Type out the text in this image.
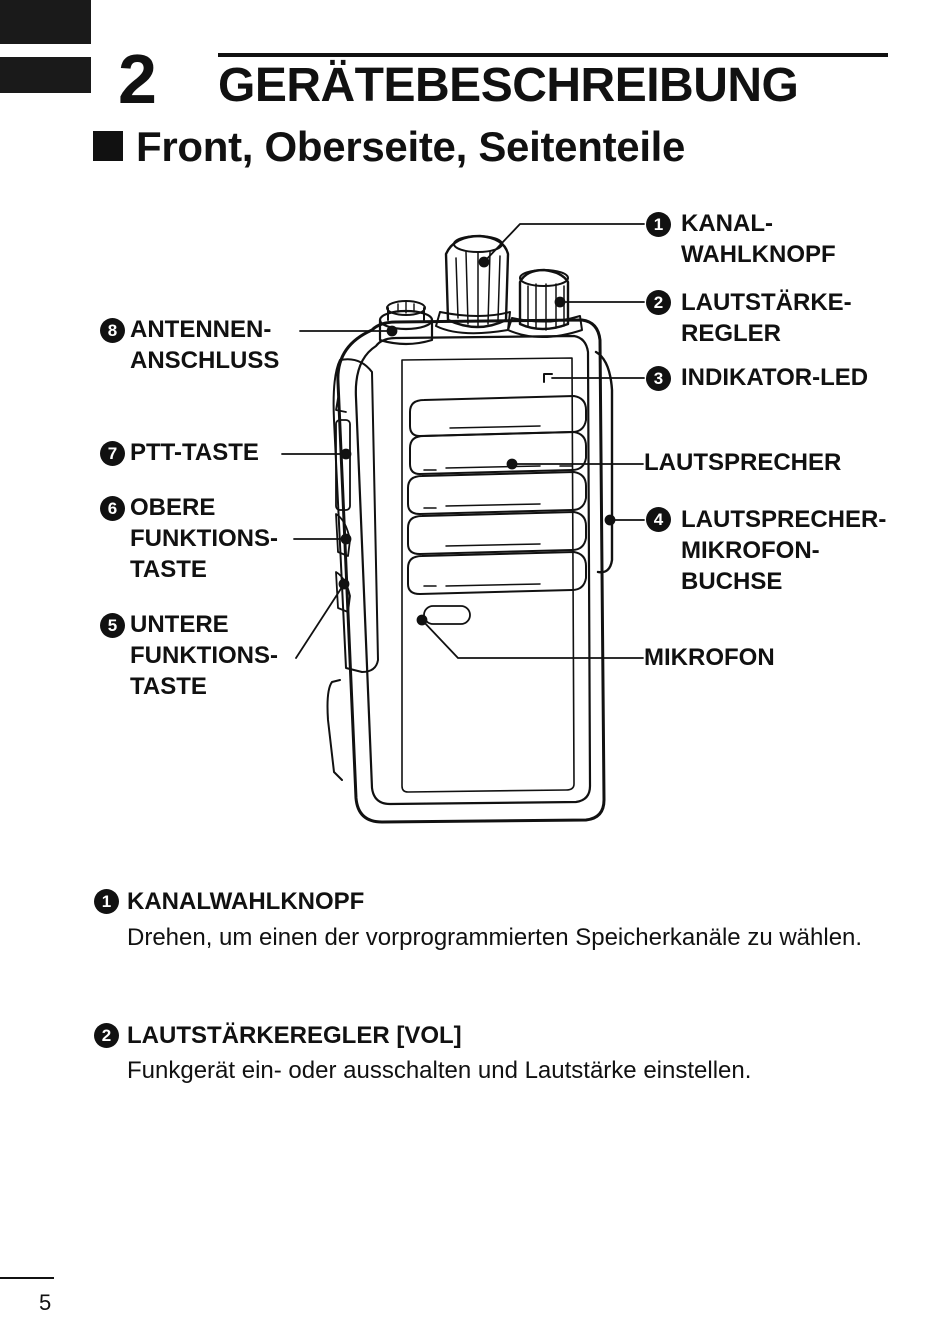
2 GERÄTEBESCHREIBUNG
Front, Oberseite, Seitenteile
1 KANAL-
WAHLKNOPF
2 LAUTSTÄRKE-
REGLER
3 INDIKATOR-LED
LAUTSPRECHER
4 LAUTSPRECHER-
MIKROFON-
BUCHSE
MIKROFON
8 ANTENNEN-
ANSCHLUSS
7 PTT-TASTE
6 OBERE
FUNKTIONS-
TASTE
5 UNTERE
FUNKTIONS-
TASTE
1 KANALWAHLKNOPF
Drehen, um einen der vorprogrammierten Speicherkanäle zu wählen.
2 LAUTSTÄRKEREGLER [VOL]
Funkgerät ein- oder ausschalten und Lautstärke einstellen.
5
